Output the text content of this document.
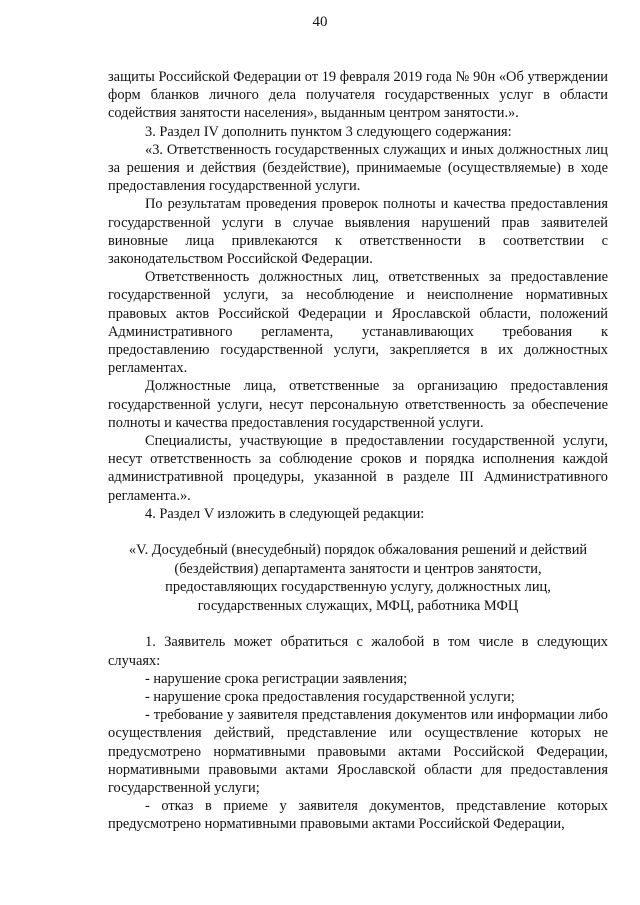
40

защиты Российской Федерации от 19 февраля 2019 года № 90н «Об утверждении форм бланков личного дела получателя государственных услуг в области содействия занятости населения», выданным центром занятости.».

3. Раздел IV дополнить пунктом 3 следующего содержания:

«3. Ответственность государственных служащих и иных должностных лиц за решения и действия (бездействие), принимаемые (осуществляемые) в ходе предоставления государственной услуги.

По результатам проведения проверок полноты и качества предоставления государственной услуги в случае выявления нарушений прав заявителей виновные лица привлекаются к ответственности в соответствии с законодательством Российской Федерации.

Ответственность должностных лиц, ответственных за предоставление государственной услуги, за несоблюдение и неисполнение нормативных правовых актов Российской Федерации и Ярославской области, положений Административного регламента, устанавливающих требования к предоставлению государственной услуги, закрепляется в их должностных регламентах.

Должностные лица, ответственные за организацию предоставления государственной услуги, несут персональную ответственность за обеспечение полноты и качества предоставления государственной услуги.

Специалисты, участвующие в предоставлении государственной услуги, несут ответственность за соблюдение сроков и порядка исполнения каждой административной процедуры, указанной в разделе III Административного регламента.».

4. Раздел V изложить в следующей редакции:

«V. Досудебный (внесудебный) порядок обжалования решений и действий

(бездействия) департамента занятости и центров занятости,

предоставляющих государственную услугу, должностных лиц,

государственных служащих, МФЦ, работника МФЦ

1. Заявитель может обратиться с жалобой в том числе в следующих случаях:

- нарушение срока регистрации заявления;

- нарушение срока предоставления государственной услуги;

- требование у заявителя представления документов или информации либо осуществления действий, представление или осуществление которых не предусмотрено нормативными правовыми актами Российской Федерации, нормативными правовыми актами Ярославской области для предоставления государственной услуги;

- отказ в приеме у заявителя документов, представление которых предусмотрено нормативными правовыми актами Российской Федерации,
